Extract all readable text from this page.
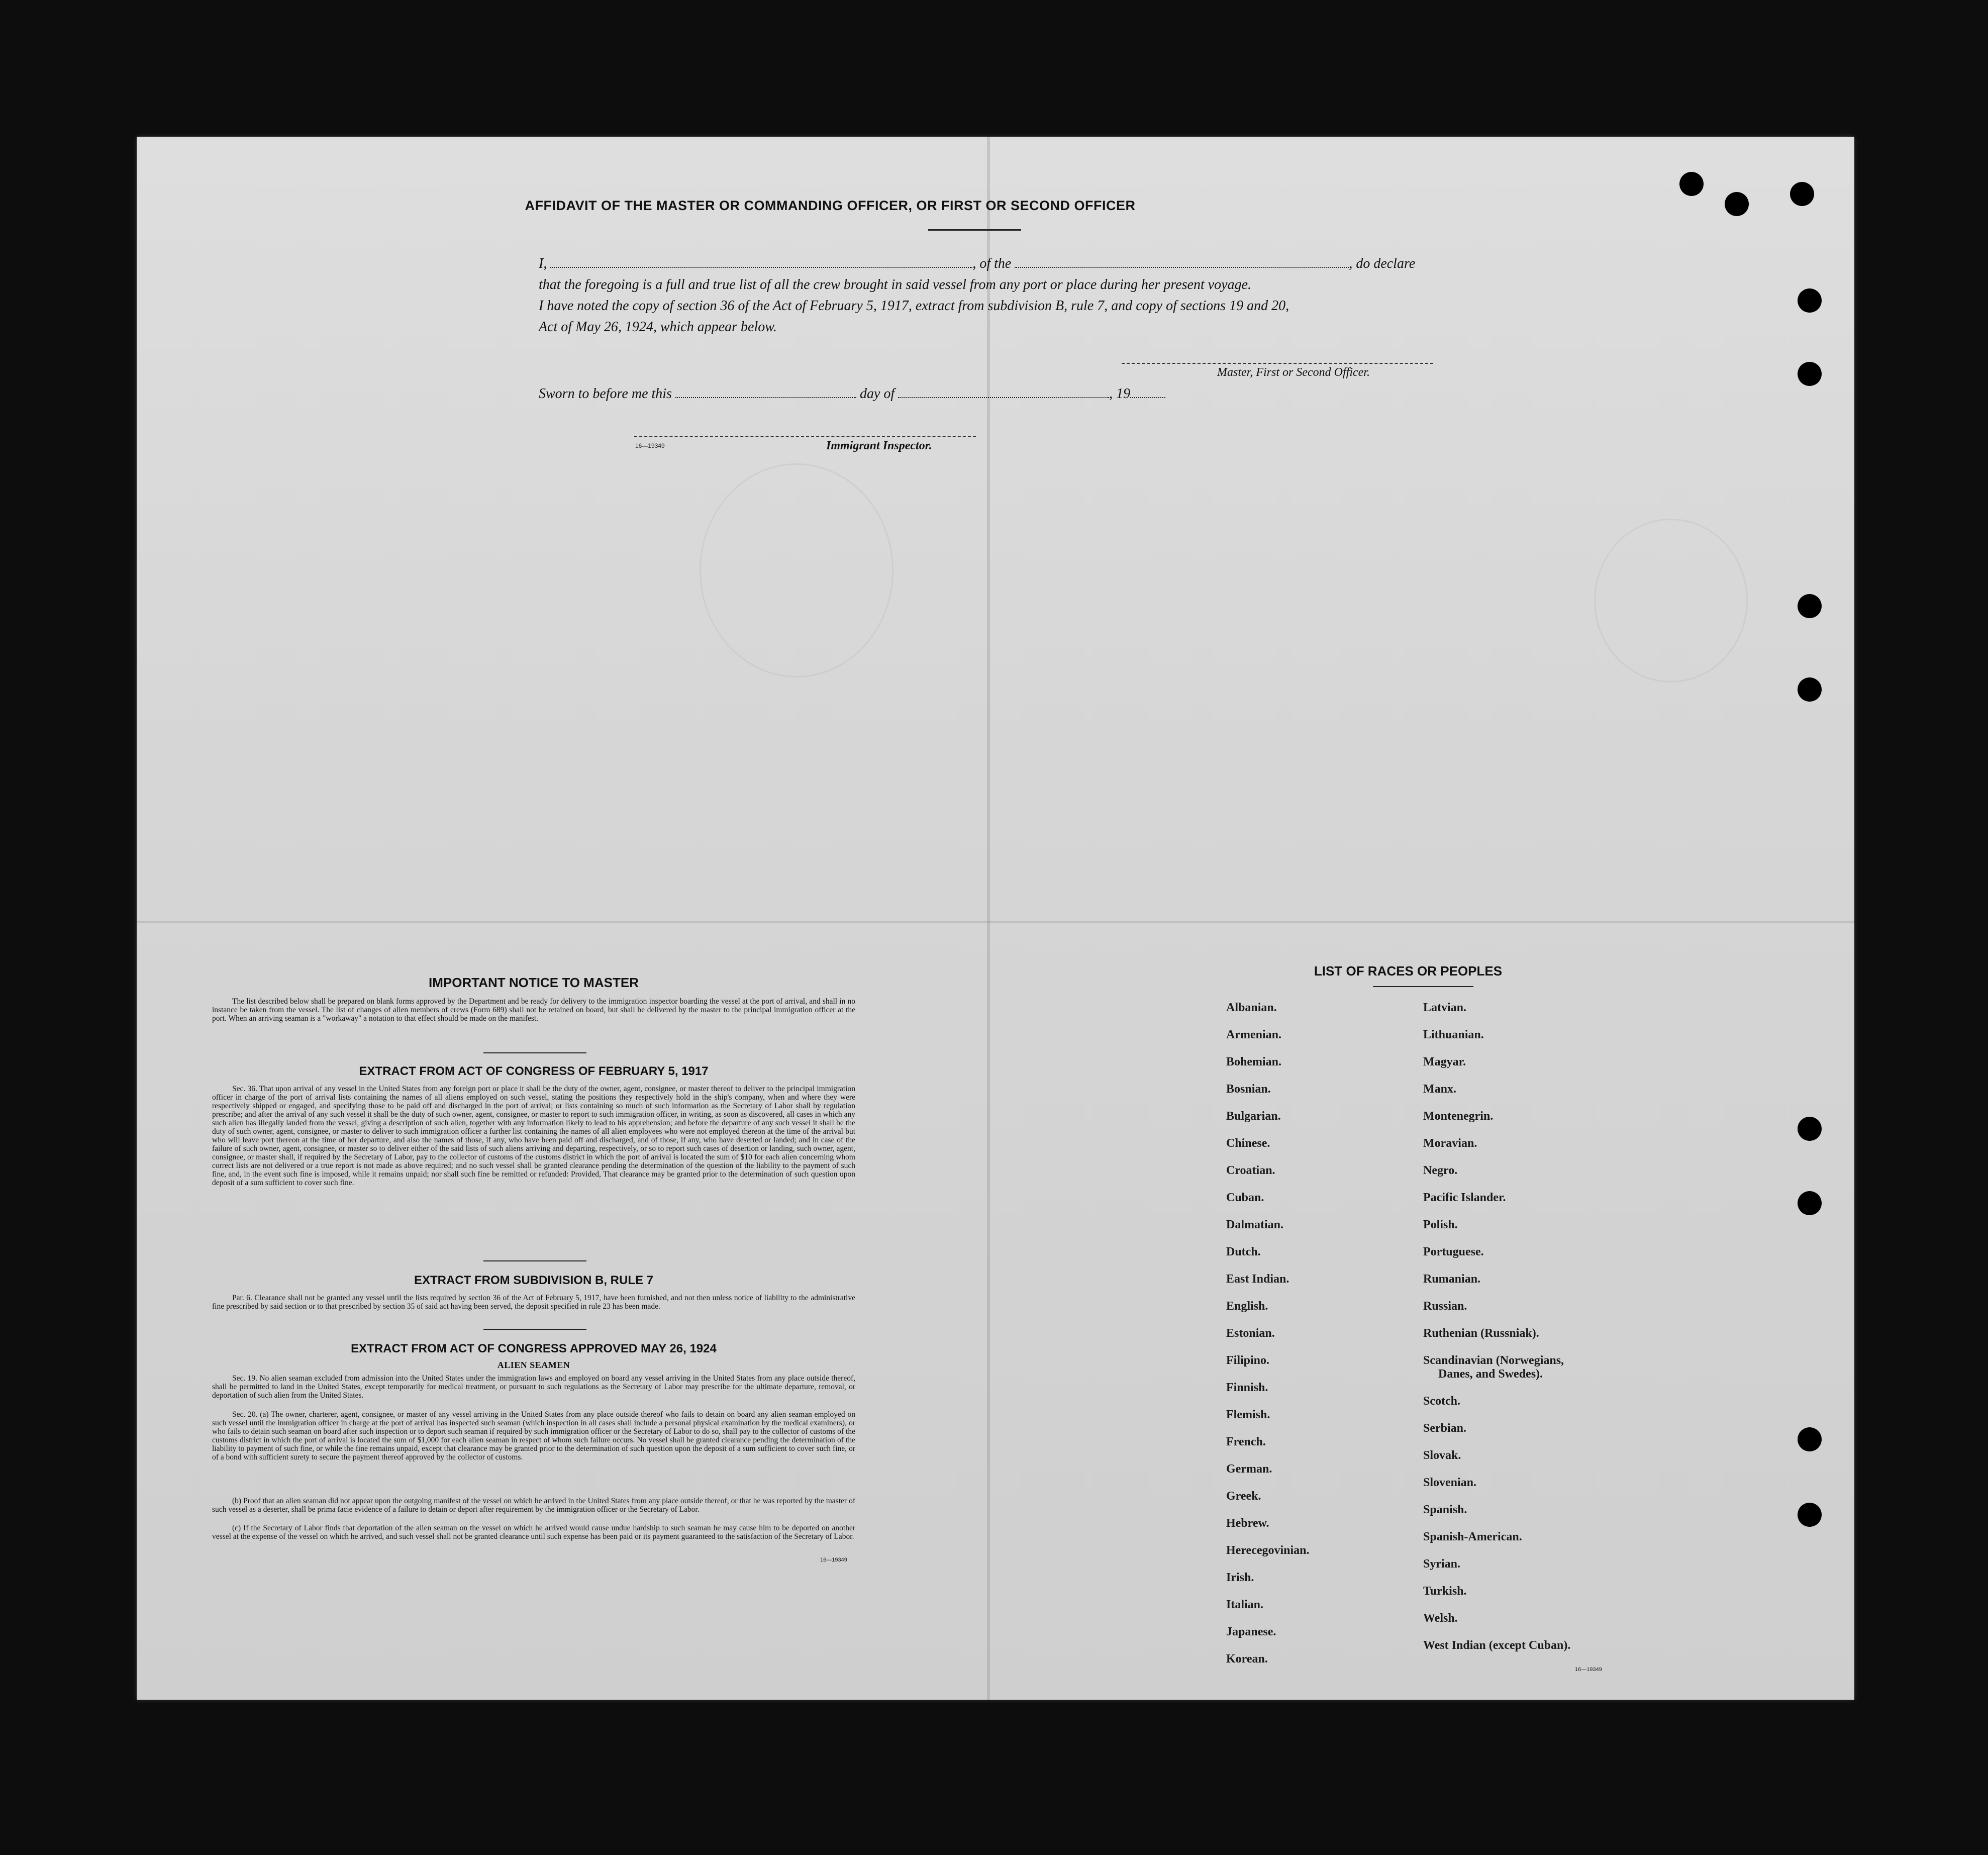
AFFIDAVIT OF THE MASTER OR COMMANDING OFFICER, OR FIRST OR SECOND OFFICER
I,	, of the	, do declare
that the foregoing is a full and true list of all the crew brought in said vessel from any port or place during her present voyage.
I have noted the copy of section 36 of the Act of February 5, 1917, extract from subdivision B, rule 7, and copy of sections 19 and 20,
Act of May 26, 1924, which appear below.
Master, First or Second Officer.
Sworn to before me this	day of	, 19
16—19349	Immigrant Inspector.
IMPORTANT NOTICE TO MASTER
The list described below shall be prepared on blank forms approved by the Department and be ready for delivery to the immigration inspector boarding the vessel at the port of arrival, and shall in no instance be taken from the vessel. The list of changes of alien members of crews (Form 689) shall not be retained on board, but shall be delivered by the master to the principal immigration officer at the port. When an arriving seaman is a "workaway" a notation to that effect should be made on the manifest.
EXTRACT FROM ACT OF CONGRESS OF FEBRUARY 5, 1917
Sec. 36. That upon arrival of any vessel in the United States from any foreign port or place it shall be the duty of the owner, agent, consignee, or master thereof to deliver to the principal immigration officer in charge of the port of arrival lists containing the names of all aliens employed on such vessel, stating the positions they respectively hold in the ship's company, when and where they were respectively shipped or engaged, and specifying those to be paid off and discharged in the port of arrival; or lists containing so much of such information as the Secretary of Labor shall by regulation prescribe; and after the arrival of any such vessel it shall be the duty of such owner, agent, consignee, or master to report to such immigration officer, in writing, as soon as discovered, all cases in which any such alien has illegally landed from the vessel, giving a description of such alien, together with any information likely to lead to his apprehension; and before the departure of any such vessel it shall be the duty of such owner, agent, consignee, or master to deliver to such immigration officer a further list containing the names of all alien employees who were not employed thereon at the time of the arrival but who will leave port thereon at the time of her departure, and also the names of those, if any, who have been paid off and discharged, and of those, if any, who have deserted or landed; and in case of the failure of such owner, agent, consignee, or master so to deliver either of the said lists of such aliens arriving and departing, respectively, or so to report such cases of desertion or landing, such owner, agent, consignee, or master shall, if required by the Secretary of Labor, pay to the collector of customs of the customs district in which the port of arrival is located the sum of $10 for each alien concerning whom correct lists are not delivered or a true report is not made as above required; and no such vessel shall be granted clearance pending the determination of the question of the liability to the payment of such fine, and, in the event such fine is imposed, while it remains unpaid; nor shall such fine be remitted or refunded: Provided, That clearance may be granted prior to the determination of such question upon deposit of a sum sufficient to cover such fine.
EXTRACT FROM SUBDIVISION B, RULE 7
Par. 6. Clearance shall not be granted any vessel until the lists required by section 36 of the Act of February 5, 1917, have been furnished, and not then unless notice of liability to the administrative fine prescribed by said section or to that prescribed by section 35 of said act having been served, the deposit specified in rule 23 has been made.
EXTRACT FROM ACT OF CONGRESS APPROVED MAY 26, 1924
ALIEN SEAMEN
Sec. 19. No alien seaman excluded from admission into the United States under the immigration laws and employed on board any vessel arriving in the United States from any place outside thereof, shall be permitted to land in the United States, except temporarily for medical treatment, or pursuant to such regulations as the Secretary of Labor may prescribe for the ultimate departure, removal, or deportation of such alien from the United States.
Sec. 20. (a) The owner, charterer, agent, consignee, or master of any vessel arriving in the United States from any place outside thereof who fails to detain on board any alien seaman employed on such vessel until the immigration officer in charge at the port of arrival has inspected such seaman (which inspection in all cases shall include a personal physical examination by the medical examiners), or who fails to detain such seaman on board after such inspection or to deport such seaman if required by such immigration officer or the Secretary of Labor to do so, shall pay to the collector of customs of the customs district in which the port of arrival is located the sum of $1,000 for each alien seaman in respect of whom such failure occurs. No vessel shall be granted clearance pending the determination of the liability to payment of such fine, or while the fine remains unpaid, except that clearance may be granted prior to the determination of such question upon the deposit of a sum sufficient to cover such fine, or of a bond with sufficient surety to secure the payment thereof approved by the collector of customs.
(b) Proof that an alien seaman did not appear upon the outgoing manifest of the vessel on which he arrived in the United States from any place outside thereof, or that he was reported by the master of such vessel as a deserter, shall be prima facie evidence of a failure to detain or deport after requirement by the immigration officer or the Secretary of Labor.
(c) If the Secretary of Labor finds that deportation of the alien seaman on the vessel on which he arrived would cause undue hardship to such seaman he may cause him to be deported on another vessel at the expense of the vessel on which he arrived, and such vessel shall not be granted clearance until such expense has been paid or its payment guaranteed to the satisfaction of the Secretary of Labor.
16—19349
LIST OF RACES OR PEOPLES
Albanian.
Armenian.
Bohemian.
Bosnian.
Bulgarian.
Chinese.
Croatian.
Cuban.
Dalmatian.
Dutch.
East Indian.
English.
Estonian.
Filipino.
Finnish.
Flemish.
French.
German.
Greek.
Hebrew.
Herecegovinian.
Irish.
Italian.
Japanese.
Korean.
Latvian.
Lithuanian.
Magyar.
Manx.
Montenegrin.
Moravian.
Negro.
Pacific Islander.
Polish.
Portuguese.
Rumanian.
Russian.
Ruthenian (Russniak).
Scandinavian (Norwegians,
Danes, and Swedes).
Scotch.
Serbian.
Slovak.
Slovenian.
Spanish.
Spanish-American.
Syrian.
Turkish.
Welsh.
West Indian (except Cuban).
16—19349
